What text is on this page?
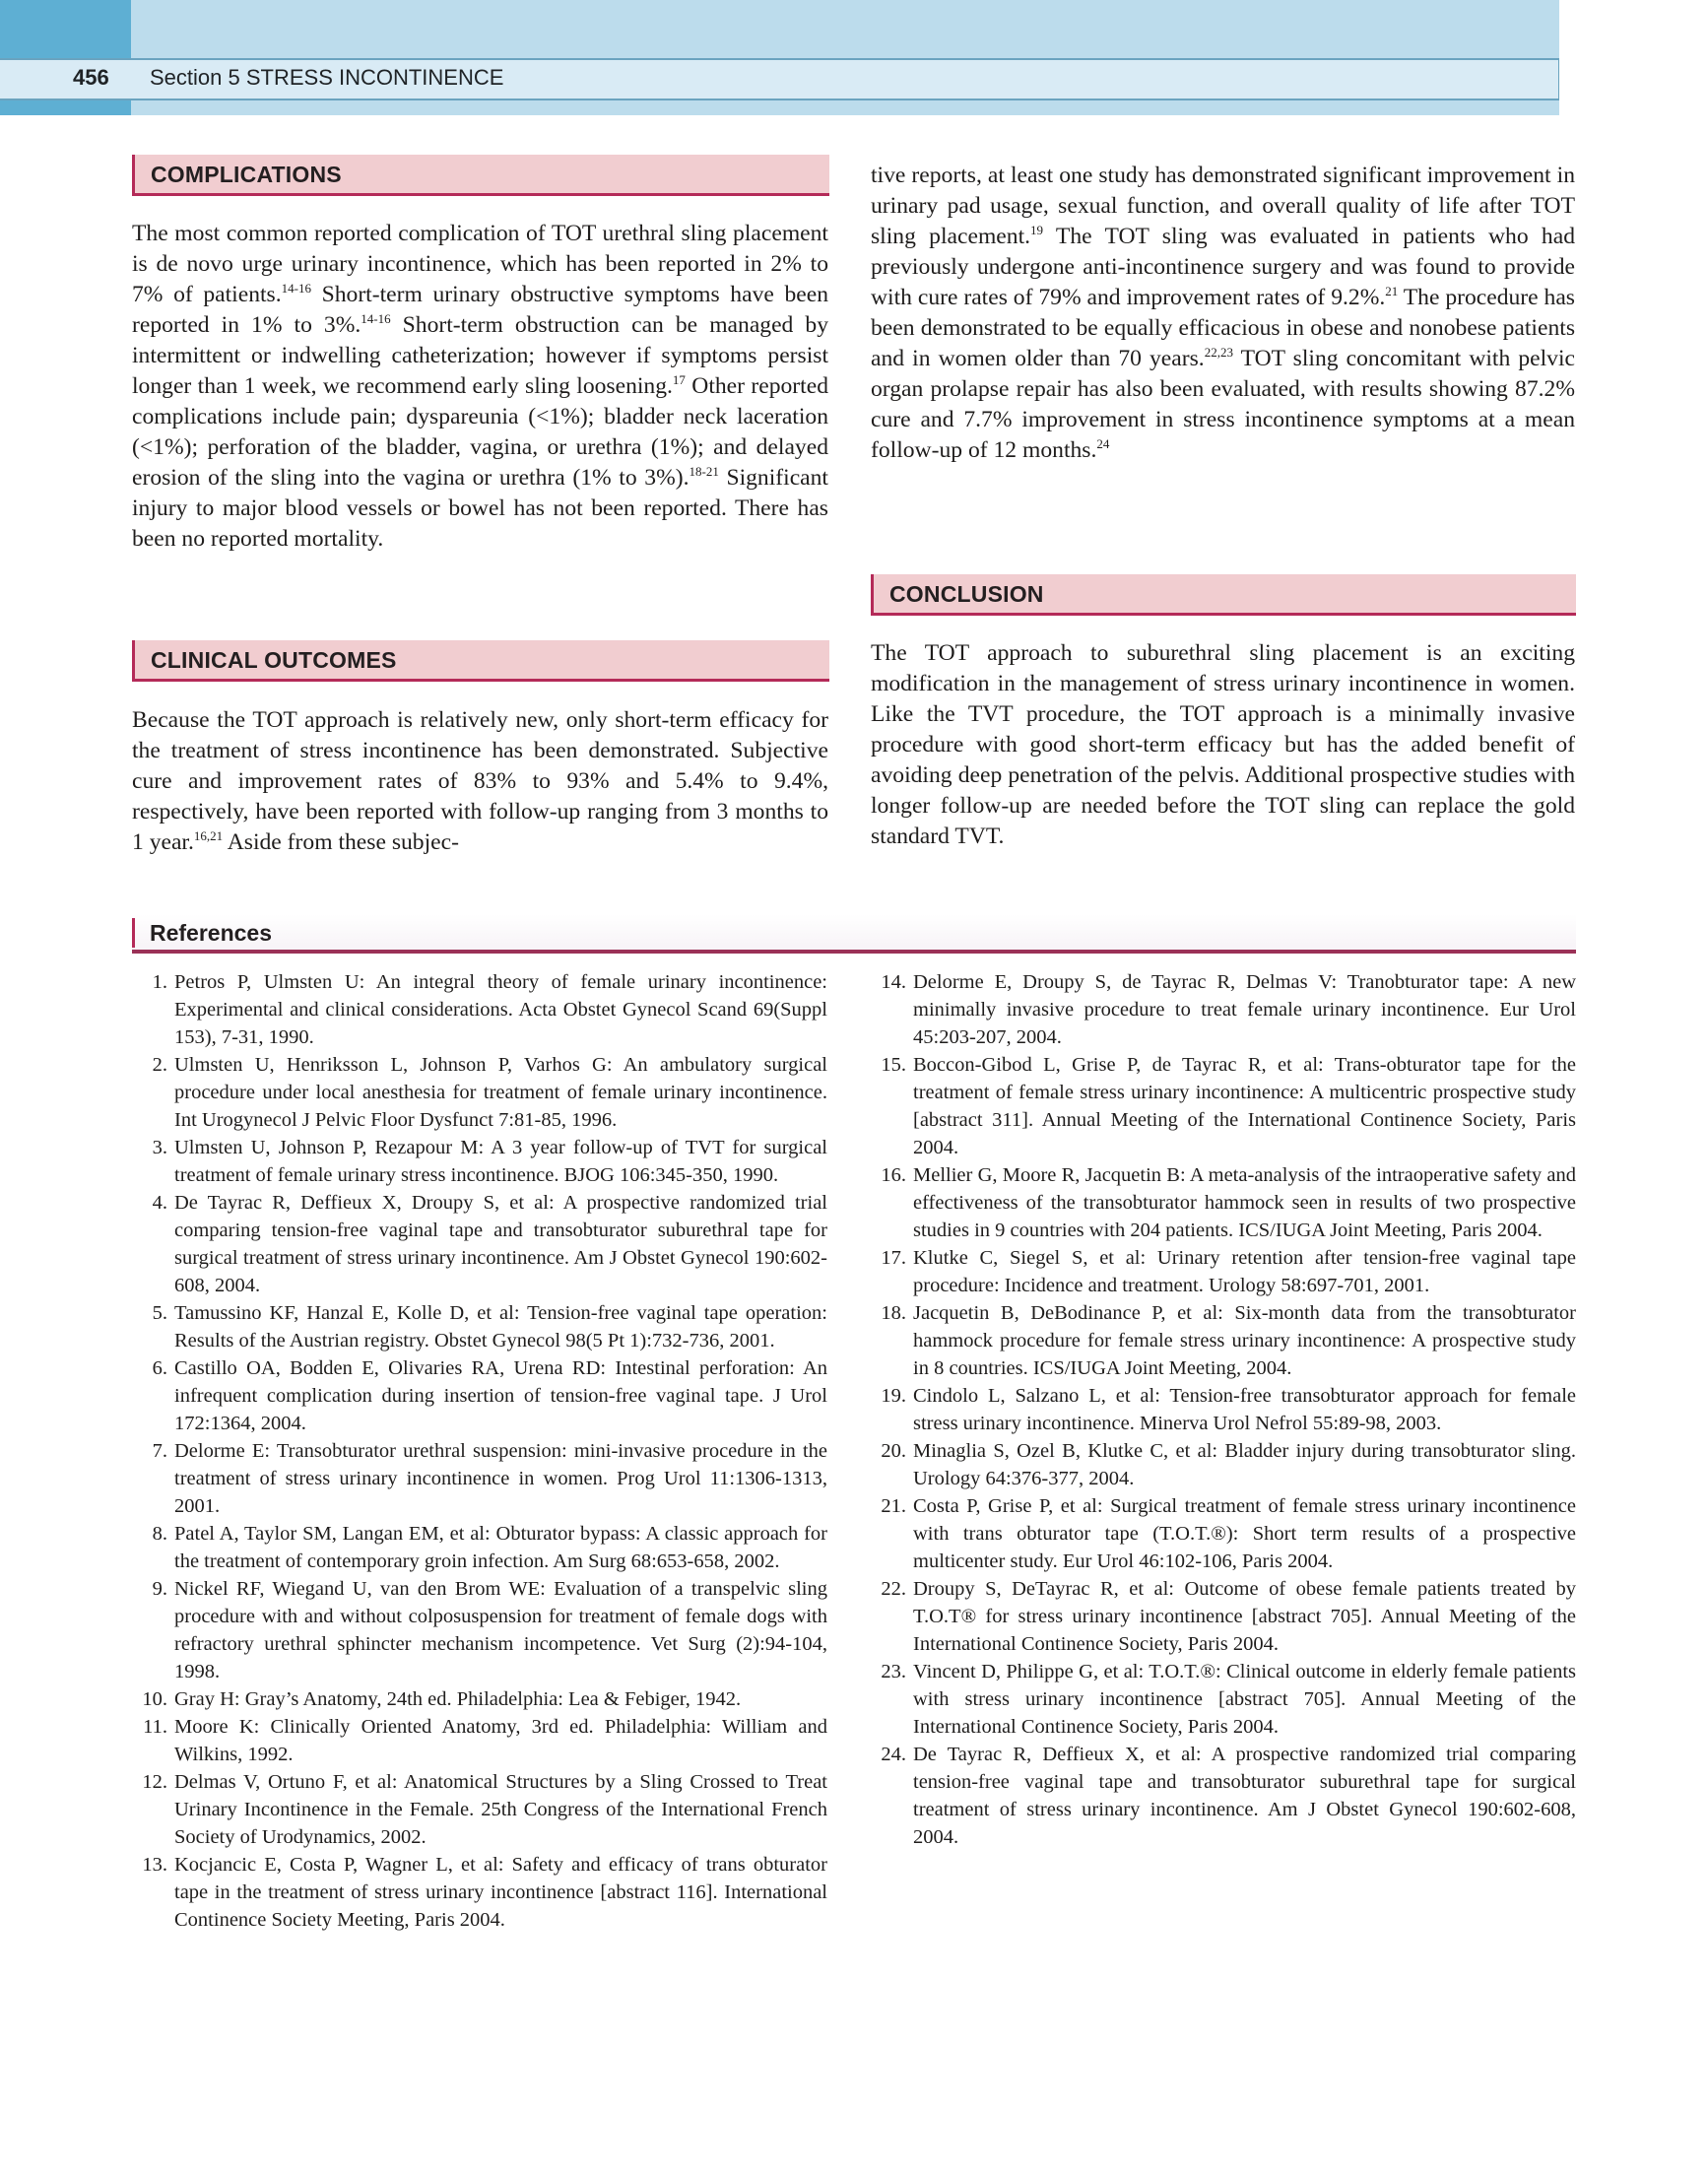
456 Section 5 STRESS INCONTINENCE
COMPLICATIONS

The most common reported complication of TOT urethral sling placement is de novo urge urinary incontinence, which has been reported in 2% to 7% of patients.$^{14-16}$ Short-term urinary obstructive symptoms have been reported in 1% to 3%.$^{14-16}$ Short-term obstruction can be managed by intermittent or indwelling catheterization; however if symptoms persist longer than 1 week, we recommend early sling loosening.$^{17}$ Other reported complications include pain; dyspareunia (<1%); bladder neck laceration (<1%); perforation of the bladder, vagina, or urethra (1%); and delayed erosion of the sling into the vagina or urethra (1% to 3%).$^{18-21}$ Significant injury to major blood vessels or bowel has not been reported. There has been no reported mortality.

CLINICAL OUTCOMES

Because the TOT approach is relatively new, only short-term efficacy for the treatment of stress incontinence has been demonstrated. Subjective cure and improvement rates of 83% to 93% and 5.4% to 9.4%, respectively, have been reported with follow-up ranging from 3 months to 1 year.$^{16,21}$ Aside from these subjec-

tive reports, at least one study has demonstrated significant improvement in urinary pad usage, sexual function, and overall quality of life after TOT sling placement.$^{19}$ The TOT sling was evaluated in patients who had previously undergone anti-incontinence surgery and was found to provide with cure rates of 79% and improvement rates of 9.2%.$^{21}$ The procedure has been demonstrated to be equally efficacious in obese and nonobese patients and in women older than 70 years.$^{22,23}$ TOT sling concomitant with pelvic organ prolapse repair has also been evaluated, with results showing 87.2% cure and 7.7% improvement in stress incontinence symptoms at a mean follow-up of 12 months.$^{24}$

CONCLUSION

The TOT approach to suburethral sling placement is an exciting modification in the management of stress urinary incontinence in women. Like the TVT procedure, the TOT approach is a minimally invasive procedure with good short-term efficacy but has the added benefit of avoiding deep penetration of the pelvis. Additional prospective studies with longer follow-up are needed before the TOT sling can replace the gold standard TVT.

References
1. Petros P, Ulmsten U: An integral theory of female urinary incontinence: Experimental and clinical considerations. Acta Obstet Gynecol Scand 69(Suppl 153), 7-31, 1990.
2. Ulmsten U, Henriksson L, Johnson P, Varhos G: An ambulatory surgical procedure under local anesthesia for treatment of female urinary incontinence. Int Urogynecol J Pelvic Floor Dysfunct 7:81-85, 1996.
3. Ulmsten U, Johnson P, Rezapour M: A 3 year follow-up of TVT for surgical treatment of female urinary stress incontinence. BJOG 106:345-350, 1990.
4. De Tayrac R, Deffieux X, Droupy S, et al: A prospective randomized trial comparing tension-free vaginal tape and transobturator suburethral tape for surgical treatment of stress urinary incontinence. Am J Obstet Gynecol 190:602-608, 2004.
5. Tamussino KF, Hanzal E, Kolle D, et al: Tension-free vaginal tape operation: Results of the Austrian registry. Obstet Gynecol 98(5 Pt 1):732-736, 2001.
6. Castillo OA, Bodden E, Olivaries RA, Urena RD: Intestinal perforation: An infrequent complication during insertion of tension-free vaginal tape. J Urol 172:1364, 2004.
7. Delorme E: Transobturator urethral suspension: mini-invasive procedure in the treatment of stress urinary incontinence in women. Prog Urol 11:1306-1313, 2001.
8. Patel A, Taylor SM, Langan EM, et al: Obturator bypass: A classic approach for the treatment of contemporary groin infection. Am Surg 68:653-658, 2002.
9. Nickel RF, Wiegand U, van den Brom WE: Evaluation of a transpelvic sling procedure with and without colposuspension for treatment of female dogs with refractory urethral sphincter mechanism incompetence. Vet Surg (2):94-104, 1998.
10. Gray H: Gray’s Anatomy, 24th ed. Philadelphia: Lea & Febiger, 1942.
11. Moore K: Clinically Oriented Anatomy, 3rd ed. Philadelphia: William and Wilkins, 1992.
12. Delmas V, Ortuno F, et al: Anatomical Structures by a Sling Crossed to Treat Urinary Incontinence in the Female. 25th Congress of the International French Society of Urodynamics, 2002.
13. Kocjancic E, Costa P, Wagner L, et al: Safety and efficacy of trans obturator tape in the treatment of stress urinary incontinence [abstract 116]. International Continence Society Meeting, Paris 2004.
14. Delorme E, Droupy S, de Tayrac R, Delmas V: Tranobturator tape: A new minimally invasive procedure to treat female urinary incontinence. Eur Urol 45:203-207, 2004.
15. Boccon-Gibod L, Grise P, de Tayrac R, et al: Trans-obturator tape for the treatment of female stress urinary incontinence: A multicentric prospective study [abstract 311]. Annual Meeting of the International Continence Society, Paris 2004.
16. Mellier G, Moore R, Jacquetin B: A meta-analysis of the intraoperative safety and effectiveness of the transobturator hammock seen in results of two prospective studies in 9 countries with 204 patients. ICS/IUGA Joint Meeting, Paris 2004.
17. Klutke C, Siegel S, et al: Urinary retention after tension-free vaginal tape procedure: Incidence and treatment. Urology 58:697-701, 2001.
18. Jacquetin B, DeBodinance P, et al: Six-month data from the transobturator hammock procedure for female stress urinary incontinence: A prospective study in 8 countries. ICS/IUGA Joint Meeting, 2004.
19. Cindolo L, Salzano L, et al: Tension-free transobturator approach for female stress urinary incontinence. Minerva Urol Nefrol 55:89-98, 2003.
20. Minaglia S, Ozel B, Klutke C, et al: Bladder injury during transobturator sling. Urology 64:376-377, 2004.
21. Costa P, Grise P, et al: Surgical treatment of female stress urinary incontinence with trans obturator tape (T.O.T.®): Short term results of a prospective multicenter study. Eur Urol 46:102-106, Paris 2004.
22. Droupy S, DeTayrac R, et al: Outcome of obese female patients treated by T.O.T® for stress urinary incontinence [abstract 705]. Annual Meeting of the International Continence Society, Paris 2004.
23. Vincent D, Philippe G, et al: T.O.T.®: Clinical outcome in elderly female patients with stress urinary incontinence [abstract 705]. Annual Meeting of the International Continence Society, Paris 2004.
24. De Tayrac R, Deffieux X, et al: A prospective randomized trial comparing tension-free vaginal tape and transobturator suburethral tape for surgical treatment of stress urinary incontinence. Am J Obstet Gynecol 190:602-608, 2004.
